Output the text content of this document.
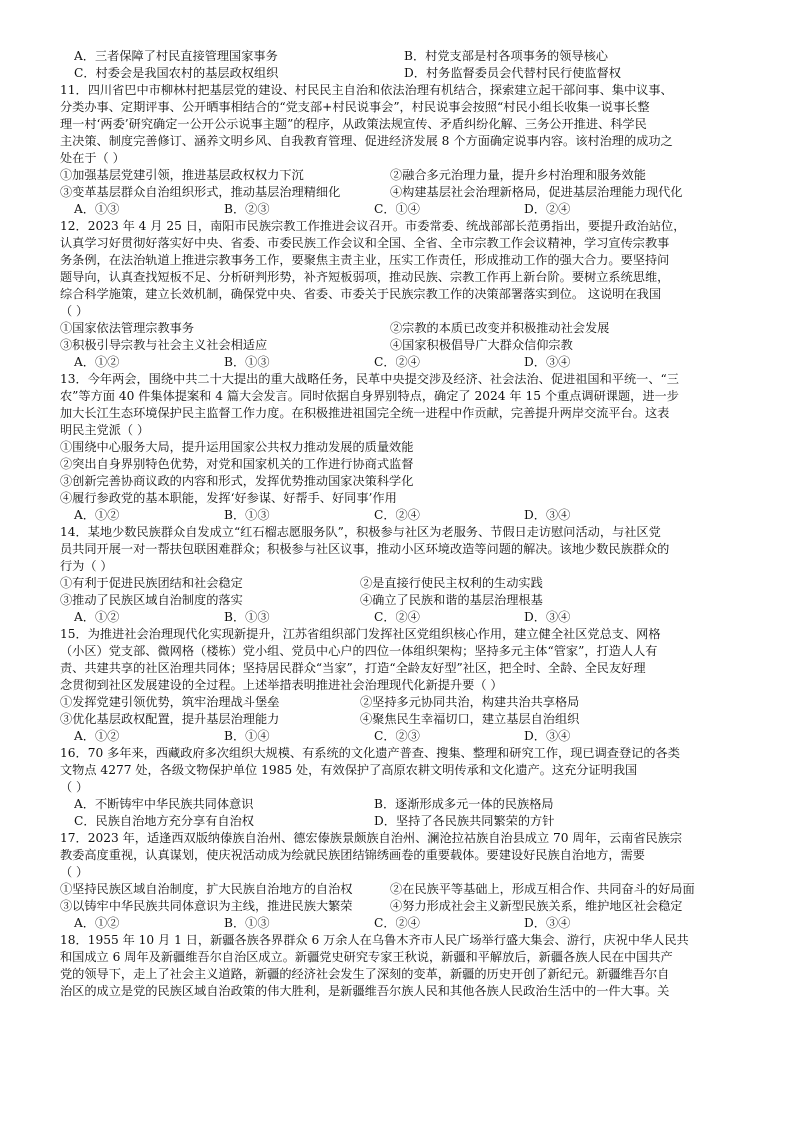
A．三者保障了村民直接管理国家事务	B．村党支部是村各项事务的领导核心
C．村委会是我国农村的基层政权组织	D．村务监督委员会代替村民行使监督权
11．四川省巴中市柳林村把基层党的建设、村民民主自治和依法治理有机结合，探索建立起干部问事、集中议事、
分类办事、定期评事、公开晒事相结合的“党支部+村民说事会”，村民说事会按照“村民小组长收集一说事长整
理一村‘两委’研究确定一公开公示说事主题”的程序，从政策法规宣传、矛盾纠纷化解、三务公开推进、科学民
主决策、制度完善修订、涵养文明乡风、自我教育管理、促进经济发展 8 个方面确定说事内容。该村治理的成功之
处在于（ ）
①加强基层党建引领，推进基层政权权力下沉	②融合多元治理力量，提升乡村治理和服务效能
③变革基层群众自治组织形式，推动基层治理精细化	④构建基层社会治理新格局，促进基层治理能力现代化
A．①③	B．②③	C．①④	D．②④
12．2023 年 4 月 25 日，南阳市民族宗教工作推进会议召开。市委常委、统战部部长范勇指出，要提升政治站位，
认真学习好贯彻好落实好中央、省委、市委民族工作会议和全国、全省、全市宗教工作会议精神，学习宣传宗教事
务条例，在法治轨道上推进宗教事务工作，要聚焦主责主业，压实工作责任，形成推动工作的强大合力。要坚持问
题导向，认真查找短板不足、分析研判形势，补齐短板弱项，推动民族、宗教工作再上新台阶。要树立系统思维，
综合科学施策，建立长效机制，确保党中央、省委、市委关于民族宗教工作的决策部署落实到位。 这说明在我国
（ ）
①国家依法管理宗教事务	②宗教的本质已改变并积极推动社会发展
③积极引导宗教与社会主义社会相适应	④国家积极倡导广大群众信仰宗教
A．①②	B．①③	C．②④	D．③④
13．今年两会，围绕中共二十大提出的重大战略任务，民革中央提交涉及经济、社会法治、促进祖国和平统一、“三
农”等方面 40 件集体提案和 4 篇大会发言。同时依据自身界别特点，确定了 2024 年 15 个重点调研课题，进一步
加大长江生态环境保护民主监督工作力度。在积极推进祖国完全统一进程中作贡献，完善提升两岸交流平台。这表
明民主党派（ ）
①围绕中心服务大局，提升运用国家公共权力推动发展的质量效能
②突出自身界别特色优势，对党和国家机关的工作进行协商式监督
③创新完善协商议政的内容和形式，发挥优势推动国家决策科学化
④履行参政党的基本职能，发挥‘好参谋、好帮手、好同事’作用
A．①②	B．①③	C．②④	D．③④
14．某地少数民族群众自发成立“红石榴志愿服务队”，积极参与社区为老服务、节假日走访慰问活动，与社区党
员共同开展一对一帮扶包联困难群众；积极参与社区议事，推动小区环境改造等问题的解决。该地少数民族群众的
行为（ ）
①有利于促进民族团结和社会稳定	②是直接行使民主权利的生动实践
③推动了民族区域自治制度的落实	④确立了民族和谐的基层治理根基
A．①②	B．①③	C．②④	D．③④
15．为推进社会治理现代化实现新提升，江苏省组织部门发挥社区党组织核心作用，建立健全社区党总支、网格
（小区）党支部、微网格（楼栋）党小组、党员中心户的四位一体组织架构；坚持多元主体“管家”，打造人人有
责、共建共享的社区治理共同体；坚持居民群众“当家”，打造“全龄友好型”社区，把全时、全龄、全民友好理
念贯彻到社区发展建设的全过程。上述举措表明推进社会治理现代化新提升要（ ）
①发挥党建引领优势，筑牢治理战斗堡垒	②坚持多元协同共治，构建共治共享格局
③优化基层政权配置，提升基层治理能力	④聚焦民生幸福切口，建立基层自治组织
A．①②	B．①④	C．②③	D．③④
16．70 多年来，西藏政府多次组织大规模、有系统的文化遗产普查、搜集、整理和研究工作，现已调查登记的各类
文物点 4277 处，各级文物保护单位 1985 处，有效保护了高原农耕文明传承和文化遗产。这充分证明我国
（ ）
A．不断铸牢中华民族共同体意识	B．逐渐形成多元一体的民族格局
C．民族自治地方充分享有自治权	D．坚持了各民族共同繁荣的方针
17．2023 年，适逢西双版纳傣族自治州、德宏傣族景颇族自治州、澜沧拉祜族自治县成立 70 周年，云南省民族宗
教委高度重视，认真谋划，使庆祝活动成为绘就民族团结锦绣画卷的重要载体。要建设好民族自治地方，需要
（ ）
①坚持民族区域自治制度，扩大民族自治地方的自治权	②在民族平等基础上，形成互相合作、共同奋斗的好局面
③以铸牢中华民族共同体意识为主线，推进民族大繁荣	④努力形成社会主义新型民族关系，维护地区社会稳定
A．①②	B．①③	C．②④	D．③④
18．1955 年 10 月 1 日，新疆各族各界群众 6 万余人在乌鲁木齐市人民广场举行盛大集会、游行，庆祝中华人民共
和国成立 6 周年及新疆维吾尔自治区成立。新疆党史研究专家王秋说，新疆和平解放后，新疆各族人民在中国共产
党的领导下，走上了社会主义道路，新疆的经济社会发生了深刻的变革，新疆的历史开创了新纪元。新疆维吾尔自
治区的成立是党的民族区域自治政策的伟大胜利，是新疆维吾尔族人民和其他各族人民政治生活中的一件大事。关
